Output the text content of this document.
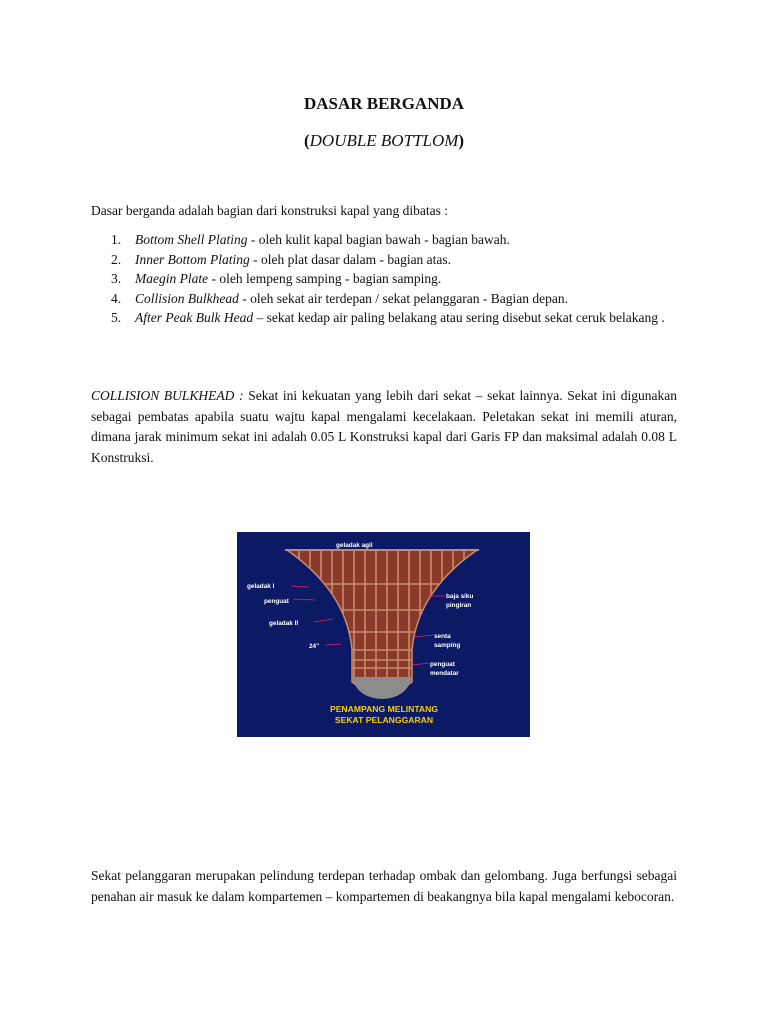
DASAR BERGANDA
(DOUBLE BOTTLOM)
Dasar berganda adalah bagian dari konstruksi kapal yang dibatas :
1. Bottom Shell Plating - oleh kulit kapal bagian bawah - bagian bawah.
2. Inner Bottom Plating - oleh plat dasar dalam - bagian atas.
3. Maegin Plate - oleh lempeng samping - bagian samping.
4. Collision Bulkhead - oleh sekat air terdepan / sekat pelanggaran - Bagian depan.
5. After Peak Bulk Head – sekat kedap air paling belakang atau sering disebut sekat ceruk belakang .
COLLISION BULKHEAD : Sekat ini kekuatan yang lebih dari sekat – sekat lainnya. Sekat ini digunakan sebagai pembatas apabila suatu wajtu kapal mengalami kecelakaan. Peletakan sekat ini memili aturan, dimana jarak minimum sekat ini adalah 0.05 L Konstruksi kapal dari Garis FP dan maksimal adalah 0.08 L Konstruksi.
geladak agil
geladak I
penguat
geladak II
24"
baja siku
pingiran
senta
samping
penguat
mendatar
PENAMPANG MELINTANG
SEKAT PELANGGARAN
Sekat pelanggaran merupakan pelindung terdepan terhadap ombak dan gelombang. Juga berfungsi sebagai penahan air masuk ke dalam kompartemen – kompartemen di beakangnya bila kapal mengalami kebocoran.
